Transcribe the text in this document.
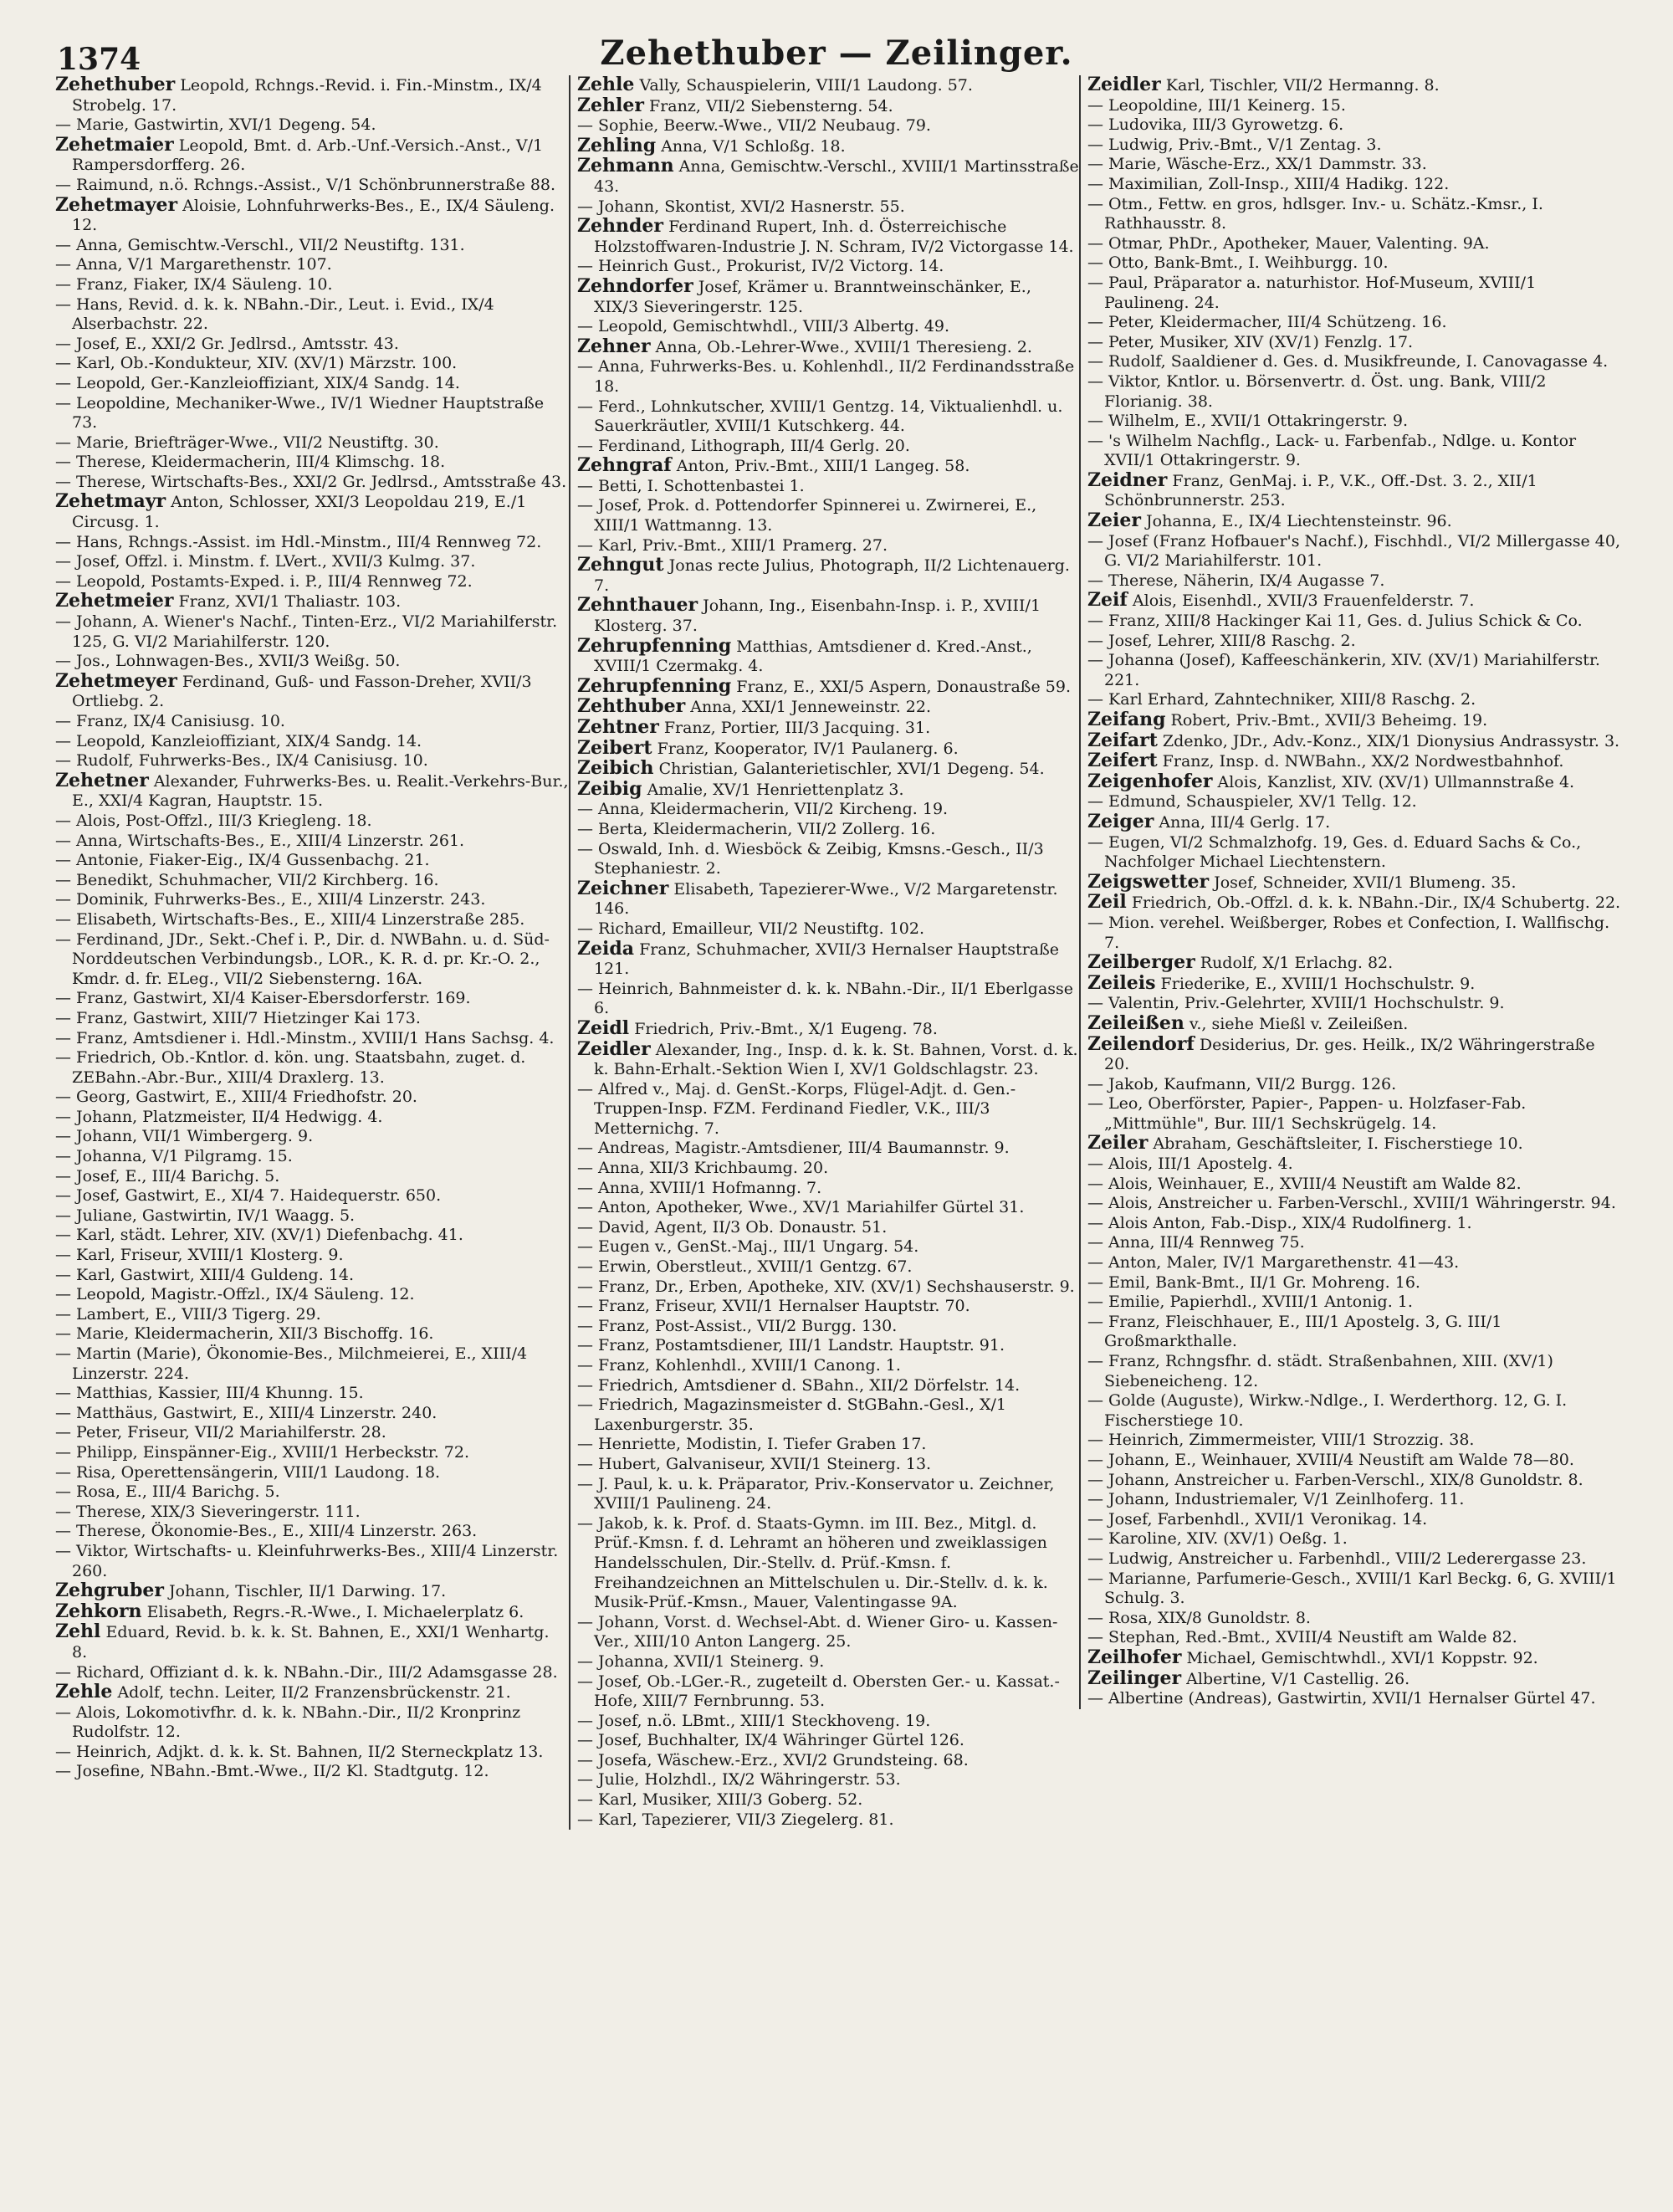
1374	Zehethuber — Zeilinger.

Zehethuber Leopold, Rchngs.-Revid. i. Fin.-Minstm., IX/4 Strobelg. 17.

— Marie, Gastwirtin, XVI/1 Degeng. 54.

Zehetmaier Leopold, Bmt. d. Arb.-Unf.-Versich.-Anst., V/1 Rampersdorfferg. 26.

— Raimund, n.ö. Rchngs.-Assist., V/1 Schönbrunnerstraße 88.

Zehetmayer Aloisie, Lohnfuhrwerks-Bes., E., IX/4 Säuleng. 12.

— Anna, Gemischtw.-Verschl., VII/2 Neustiftg. 131.

— Anna, V/1 Margarethenstr. 107.

— Franz, Fiaker, IX/4 Säuleng. 10.

— Hans, Revid. d. k. k. NBahn.-Dir., Leut. i. Evid., IX/4 Alserbachstr. 22.

— Josef, E., XXI/2 Gr. Jedlrsd., Amtsstr. 43.

— Karl, Ob.-Kondukteur, XIV. (XV/1) Märzstr. 100.

— Leopold, Ger.-Kanzleioffiziant, XIX/4 Sandg. 14.

— Leopoldine, Mechaniker-Wwe., IV/1 Wiedner Hauptstraße 73.

— Marie, Briefträger-Wwe., VII/2 Neustiftg. 30.

— Therese, Kleidermacherin, III/4 Klimschg. 18.

— Therese, Wirtschafts-Bes., XXI/2 Gr. Jedlrsd., Amtsstraße 43.

Zehetmayr Anton, Schlosser, XXI/3 Leopoldau 219, E./1 Circusg. 1.

— Hans, Rchngs.-Assist. im Hdl.-Minstm., III/4 Rennweg 72.

— Josef, Offzl. i. Minstm. f. LVert., XVII/3 Kulmg. 37.

— Leopold, Postamts-Exped. i. P., III/4 Rennweg 72.

Zehetmeier Franz, XVI/1 Thaliastr. 103.

— Johann, A. Wiener's Nachf., Tinten-Erz., VI/2 Mariahilferstr. 125, G. VI/2 Mariahilferstr. 120.

— Jos., Lohnwagen-Bes., XVII/3 Weißg. 50.

Zehetmeyer Ferdinand, Guß- und Fasson-Dreher, XVII/3 Ortliebg. 2.

— Franz, IX/4 Canisiusg. 10.

— Leopold, Kanzleioffiziant, XIX/4 Sandg. 14.

— Rudolf, Fuhrwerks-Bes., IX/4 Canisiusg. 10.

Zehetner Alexander, Fuhrwerks-Bes. u. Realit.-Verkehrs-Bur., E., XXI/4 Kagran, Hauptstr. 15.

— Alois, Post-Offzl., III/3 Kriegleng. 18.

— Anna, Wirtschafts-Bes., E., XIII/4 Linzerstr. 261.

— Antonie, Fiaker-Eig., IX/4 Gussenbachg. 21.

— Benedikt, Schuhmacher, VII/2 Kirchberg. 16.

— Dominik, Fuhrwerks-Bes., E., XIII/4 Linzerstr. 243.

— Elisabeth, Wirtschafts-Bes., E., XIII/4 Linzerstraße 285.

— Ferdinand, JDr., Sekt.-Chef i. P., Dir. d. NWBahn. u. d. Süd-Norddeutschen Verbindungsb., LOR., K. R. d. pr. Kr.-O. 2., Kmdr. d. fr. ELeg., VII/2 Siebensterng. 16A.

— Franz, Gastwirt, XI/4 Kaiser-Ebersdorferstr. 169.

— Franz, Gastwirt, XIII/7 Hietzinger Kai 173.

— Franz, Amtsdiener i. Hdl.-Minstm., XVIII/1 Hans Sachsg. 4.

— Friedrich, Ob.-Kntlor. d. kön. ung. Staatsbahn, zuget. d. ZEBahn.-Abr.-Bur., XIII/4 Draxlerg. 13.

— Georg, Gastwirt, E., XIII/4 Friedhofstr. 20.

— Johann, Platzmeister, II/4 Hedwigg. 4.

— Johann, VII/1 Wimbergerg. 9.

— Johanna, V/1 Pilgramg. 15.

— Josef, E., III/4 Barichg. 5.

— Josef, Gastwirt, E., XI/4 7. Haidequerstr. 650.

— Juliane, Gastwirtin, IV/1 Waagg. 5.

— Karl, städt. Lehrer, XIV. (XV/1) Diefenbachg. 41.

— Karl, Friseur, XVIII/1 Klosterg. 9.

— Karl, Gastwirt, XIII/4 Guldeng. 14.

— Leopold, Magistr.-Offzl., IX/4 Säuleng. 12.

— Lambert, E., VIII/3 Tigerg. 29.

— Marie, Kleidermacherin, XII/3 Bischoffg. 16.

— Martin (Marie), Ökonomie-Bes., Milchmeierei, E., XIII/4 Linzerstr. 224.

— Matthias, Kassier, III/4 Khunng. 15.

— Matthäus, Gastwirt, E., XIII/4 Linzerstr. 240.

— Peter, Friseur, VII/2 Mariahilferstr. 28.

— Philipp, Einspänner-Eig., XVIII/1 Herbeckstr. 72.

— Risa, Operettensängerin, VIII/1 Laudong. 18.

— Rosa, E., III/4 Barichg. 5.

— Therese, XIX/3 Sieveringerstr. 111.

— Therese, Ökonomie-Bes., E., XIII/4 Linzerstr. 263.

— Viktor, Wirtschafts- u. Kleinfuhrwerks-Bes., XIII/4 Linzerstr. 260.

Zehgruber Johann, Tischler, II/1 Darwing. 17.

Zehkorn Elisabeth, Regrs.-R.-Wwe., I. Michaelerplatz 6.

Zehl Eduard, Revid. b. k. k. St. Bahnen, E., XXI/1 Wenhartg. 8.

— Richard, Offiziant d. k. k. NBahn.-Dir., III/2 Adamsgasse 28.

Zehle Adolf, techn. Leiter, II/2 Franzensbrückenstr. 21.

— Alois, Lokomotivfhr. d. k. k. NBahn.-Dir., II/2 Kronprinz Rudolfstr. 12.

— Heinrich, Adjkt. d. k. k. St. Bahnen, II/2 Sterneckplatz 13.

— Josefine, NBahn.-Bmt.-Wwe., II/2 Kl. Stadtgutg. 12.

Zehle Vally, Schauspielerin, VIII/1 Laudong. 57.

Zehler Franz, VII/2 Siebensterng. 54.

— Sophie, Beerw.-Wwe., VII/2 Neubaug. 79.

Zehling Anna, V/1 Schloßg. 18.

Zehmann Anna, Gemischtw.-Verschl., XVIII/1 Martinsstraße 43.

— Johann, Skontist, XVI/2 Hasnerstr. 55.

Zehnder Ferdinand Rupert, Inh. d. Österreichische Holzstoffwaren-Industrie J. N. Schram, IV/2 Victorgasse 14.

— Heinrich Gust., Prokurist, IV/2 Victorg. 14.

Zehndorfer Josef, Krämer u. Branntweinschänker, E., XIX/3 Sieveringerstr. 125.

— Leopold, Gemischtwhdl., VIII/3 Albertg. 49.

Zehner Anna, Ob.-Lehrer-Wwe., XVIII/1 Theresieng. 2.

— Anna, Fuhrwerks-Bes. u. Kohlenhdl., II/2 Ferdinandsstraße 18.

— Ferd., Lohnkutscher, XVIII/1 Gentzg. 14, Viktualienhdl. u. Sauerkräutler, XVIII/1 Kutschkerg. 44.

— Ferdinand, Lithograph, III/4 Gerlg. 20.

Zehngraf Anton, Priv.-Bmt., XIII/1 Langeg. 58.

— Betti, I. Schottenbastei 1.

— Josef, Prok. d. Pottendorfer Spinnerei u. Zwirnerei, E., XIII/1 Wattmanng. 13.

— Karl, Priv.-Bmt., XIII/1 Pramerg. 27.

Zehngut Jonas recte Julius, Photograph, II/2 Lichtenauerg. 7.

Zehnthauer Johann, Ing., Eisenbahn-Insp. i. P., XVIII/1 Klosterg. 37.

Zehrupfenning Matthias, Amtsdiener d. Kred.-Anst., XVIII/1 Czermakg. 4.

Zehrupfenning Franz, E., XXI/5 Aspern, Donaustraße 59.

Zehthuber Anna, XXI/1 Jenneweinstr. 22.

Zehtner Franz, Portier, III/3 Jacquing. 31.

Zeibert Franz, Kooperator, IV/1 Paulanerg. 6.

Zeibich Christian, Galanterietischler, XVI/1 Degeng. 54.

Zeibig Amalie, XV/1 Henriettenplatz 3.

— Anna, Kleidermacherin, VII/2 Kircheng. 19.

— Berta, Kleidermacherin, VII/2 Zollerg. 16.

— Oswald, Inh. d. Wiesböck & Zeibig, Kmsns.-Gesch., II/3 Stephaniestr. 2.

Zeichner Elisabeth, Tapezierer-Wwe., V/2 Margaretenstr. 146.

— Richard, Emailleur, VII/2 Neustiftg. 102.

Zeida Franz, Schuhmacher, XVII/3 Hernalser Hauptstraße 121.

— Heinrich, Bahnmeister d. k. k. NBahn.-Dir., II/1 Eberlgasse 6.

Zeidl Friedrich, Priv.-Bmt., X/1 Eugeng. 78.

Zeidler Alexander, Ing., Insp. d. k. k. St. Bahnen, Vorst. d. k. k. Bahn-Erhalt.-Sektion Wien I, XV/1 Goldschlagstr. 23.

— Alfred v., Maj. d. GenSt.-Korps, Flügel-Adjt. d. Gen.-Truppen-Insp. FZM. Ferdinand Fiedler, V.K., III/3 Metternichg. 7.

— Andreas, Magistr.-Amtsdiener, III/4 Baumannstr. 9.

— Anna, XII/3 Krichbaumg. 20.

— Anna, XVIII/1 Hofmanng. 7.

— Anton, Apotheker, Wwe., XV/1 Mariahilfer Gürtel 31.

— David, Agent, II/3 Ob. Donaustr. 51.

— Eugen v., GenSt.-Maj., III/1 Ungarg. 54.

— Erwin, Oberstleut., XVIII/1 Gentzg. 67.

— Franz, Dr., Erben, Apotheke, XIV. (XV/1) Sechshauserstr. 9.

— Franz, Friseur, XVII/1 Hernalser Hauptstr. 70.

— Franz, Post-Assist., VII/2 Burgg. 130.

— Franz, Postamtsdiener, III/1 Landstr. Hauptstr. 91.

— Franz, Kohlenhdl., XVIII/1 Canong. 1.

— Friedrich, Amtsdiener d. SBahn., XII/2 Dörfelstr. 14.

— Friedrich, Magazinsmeister d. StGBahn.-Gesl., X/1 Laxenburgerstr. 35.

— Henriette, Modistin, I. Tiefer Graben 17.

— Hubert, Galvaniseur, XVII/1 Steinerg. 13.

— J. Paul, k. u. k. Präparator, Priv.-Konservator u. Zeichner, XVIII/1 Paulineng. 24.

— Jakob, k. k. Prof. d. Staats-Gymn. im III. Bez., Mitgl. d. Prüf.-Kmsn. f. d. Lehramt an höheren und zweiklassigen Handelsschulen, Dir.-Stellv. d. Prüf.-Kmsn. f. Freihandzeichnen an Mittelschulen u. Dir.-Stellv. d. k. k. Musik-Prüf.-Kmsn., Mauer, Valentingasse 9A.

— Johann, Vorst. d. Wechsel-Abt. d. Wiener Giro- u. Kassen-Ver., XIII/10 Anton Langerg. 25.

— Johanna, XVII/1 Steinerg. 9.

— Josef, Ob.-LGer.-R., zugeteilt d. Obersten Ger.- u. Kassat.-Hofe, XIII/7 Fernbrunng. 53.

— Josef, n.ö. LBmt., XIII/1 Steckhoveng. 19.

— Josef, Buchhalter, IX/4 Währinger Gürtel 126.

— Josefa, Wäschew.-Erz., XVI/2 Grundsteing. 68.

— Julie, Holzhdl., IX/2 Währingerstr. 53.

— Karl, Musiker, XIII/3 Goberg. 52.

— Karl, Tapezierer, VII/3 Ziegelerg. 81.

Zeidler Karl, Tischler, VII/2 Hermanng. 8.

— Leopoldine, III/1 Keinerg. 15.

— Ludovika, III/3 Gyrowetzg. 6.

— Ludwig, Priv.-Bmt., V/1 Zentag. 3.

— Marie, Wäsche-Erz., XX/1 Dammstr. 33.

— Maximilian, Zoll-Insp., XIII/4 Hadikg. 122.

— Otm., Fettw. en gros, hdlsger. Inv.- u. Schätz.-Kmsr., I. Rathhausstr. 8.

— Otmar, PhDr., Apotheker, Mauer, Valenting. 9A.

— Otto, Bank-Bmt., I. Weihburgg. 10.

— Paul, Präparator a. naturhistor. Hof-Museum, XVIII/1 Paulineng. 24.

— Peter, Kleidermacher, III/4 Schützeng. 16.

— Peter, Musiker, XIV (XV/1) Fenzlg. 17.

— Rudolf, Saaldiener d. Ges. d. Musikfreunde, I. Canovagasse 4.

— Viktor, Kntlor. u. Börsenvertr. d. Öst. ung. Bank, VIII/2 Florianig. 38.

— Wilhelm, E., XVII/1 Ottakringerstr. 9.

— 's Wilhelm Nachflg., Lack- u. Farbenfab., Ndlge. u. Kontor XVII/1 Ottakringerstr. 9.

Zeidner Franz, GenMaj. i. P., V.K., Off.-Dst. 3. 2., XII/1 Schönbrunnerstr. 253.

Zeier Johanna, E., IX/4 Liechtensteinstr. 96.

— Josef (Franz Hofbauer's Nachf.), Fischhdl., VI/2 Millergasse 40, G. VI/2 Mariahilferstr. 101.

— Therese, Näherin, IX/4 Augasse 7.

Zeif Alois, Eisenhdl., XVII/3 Frauenfelderstr. 7.

— Franz, XIII/8 Hackinger Kai 11, Ges. d. Julius Schick & Co.

— Josef, Lehrer, XIII/8 Raschg. 2.

— Johanna (Josef), Kaffeeschänkerin, XIV. (XV/1) Mariahilferstr. 221.

— Karl Erhard, Zahntechniker, XIII/8 Raschg. 2.

Zeifang Robert, Priv.-Bmt., XVII/3 Beheimg. 19.

Zeifart Zdenko, JDr., Adv.-Konz., XIX/1 Dionysius Andrassystr. 3.

Zeifert Franz, Insp. d. NWBahn., XX/2 Nordwestbahnhof.

Zeigenhofer Alois, Kanzlist, XIV. (XV/1) Ullmannstraße 4.

— Edmund, Schauspieler, XV/1 Tellg. 12.

Zeiger Anna, III/4 Gerlg. 17.

— Eugen, VI/2 Schmalzhofg. 19, Ges. d. Eduard Sachs & Co., Nachfolger Michael Liechtenstern.

Zeigswetter Josef, Schneider, XVII/1 Blumeng. 35.

Zeil Friedrich, Ob.-Offzl. d. k. k. NBahn.-Dir., IX/4 Schubertg. 22.

— Mion. verehel. Weißberger, Robes et Confection, I. Wallfischg. 7.

Zeilberger Rudolf, X/1 Erlachg. 82.

Zeileis Friederike, E., XVIII/1 Hochschulstr. 9.

— Valentin, Priv.-Gelehrter, XVIII/1 Hochschulstr. 9.

Zeileißen v., siehe Mießl v. Zeileißen.

Zeilendorf Desiderius, Dr. ges. Heilk., IX/2 Währingerstraße 20.

— Jakob, Kaufmann, VII/2 Burgg. 126.

— Leo, Oberförster, Papier-, Pappen- u. Holzfaser-Fab. „Mittmühle", Bur. III/1 Sechskrügelg. 14.

Zeiler Abraham, Geschäftsleiter, I. Fischerstiege 10.

— Alois, III/1 Apostelg. 4.

— Alois, Weinhauer, E., XVIII/4 Neustift am Walde 82.

— Alois, Anstreicher u. Farben-Verschl., XVIII/1 Währingerstr. 94.

— Alois Anton, Fab.-Disp., XIX/4 Rudolfinerg. 1.

— Anna, III/4 Rennweg 75.

— Anton, Maler, IV/1 Margarethenstr. 41—43.

— Emil, Bank-Bmt., II/1 Gr. Mohreng. 16.

— Emilie, Papierhdl., XVIII/1 Antonig. 1.

— Franz, Fleischhauer, E., III/1 Apostelg. 3, G. III/1 Großmarkthalle.

— Franz, Rchngsfhr. d. städt. Straßenbahnen, XIII. (XV/1) Siebeneicheng. 12.

— Golde (Auguste), Wirkw.-Ndlge., I. Werderthorg. 12, G. I. Fischerstiege 10.

— Heinrich, Zimmermeister, VIII/1 Strozzig. 38.

— Johann, E., Weinhauer, XVIII/4 Neustift am Walde 78—80.

— Johann, Anstreicher u. Farben-Verschl., XIX/8 Gunoldstr. 8.

— Johann, Industriemaler, V/1 Zeinlhoferg. 11.

— Josef, Farbenhdl., XVII/1 Veronikag. 14.

— Karoline, XIV. (XV/1) Oeßg. 1.

— Ludwig, Anstreicher u. Farbenhdl., VIII/2 Lederergasse 23.

— Marianne, Parfumerie-Gesch., XVIII/1 Karl Beckg. 6, G. XVIII/1 Schulg. 3.

— Rosa, XIX/8 Gunoldstr. 8.

— Stephan, Red.-Bmt., XVIII/4 Neustift am Walde 82.

Zeilhofer Michael, Gemischtwhdl., XVI/1 Koppstr. 92.

Zeilinger Albertine, V/1 Castellig. 26.

— Albertine (Andreas), Gastwirtin, XVII/1 Hernalser Gürtel 47.
